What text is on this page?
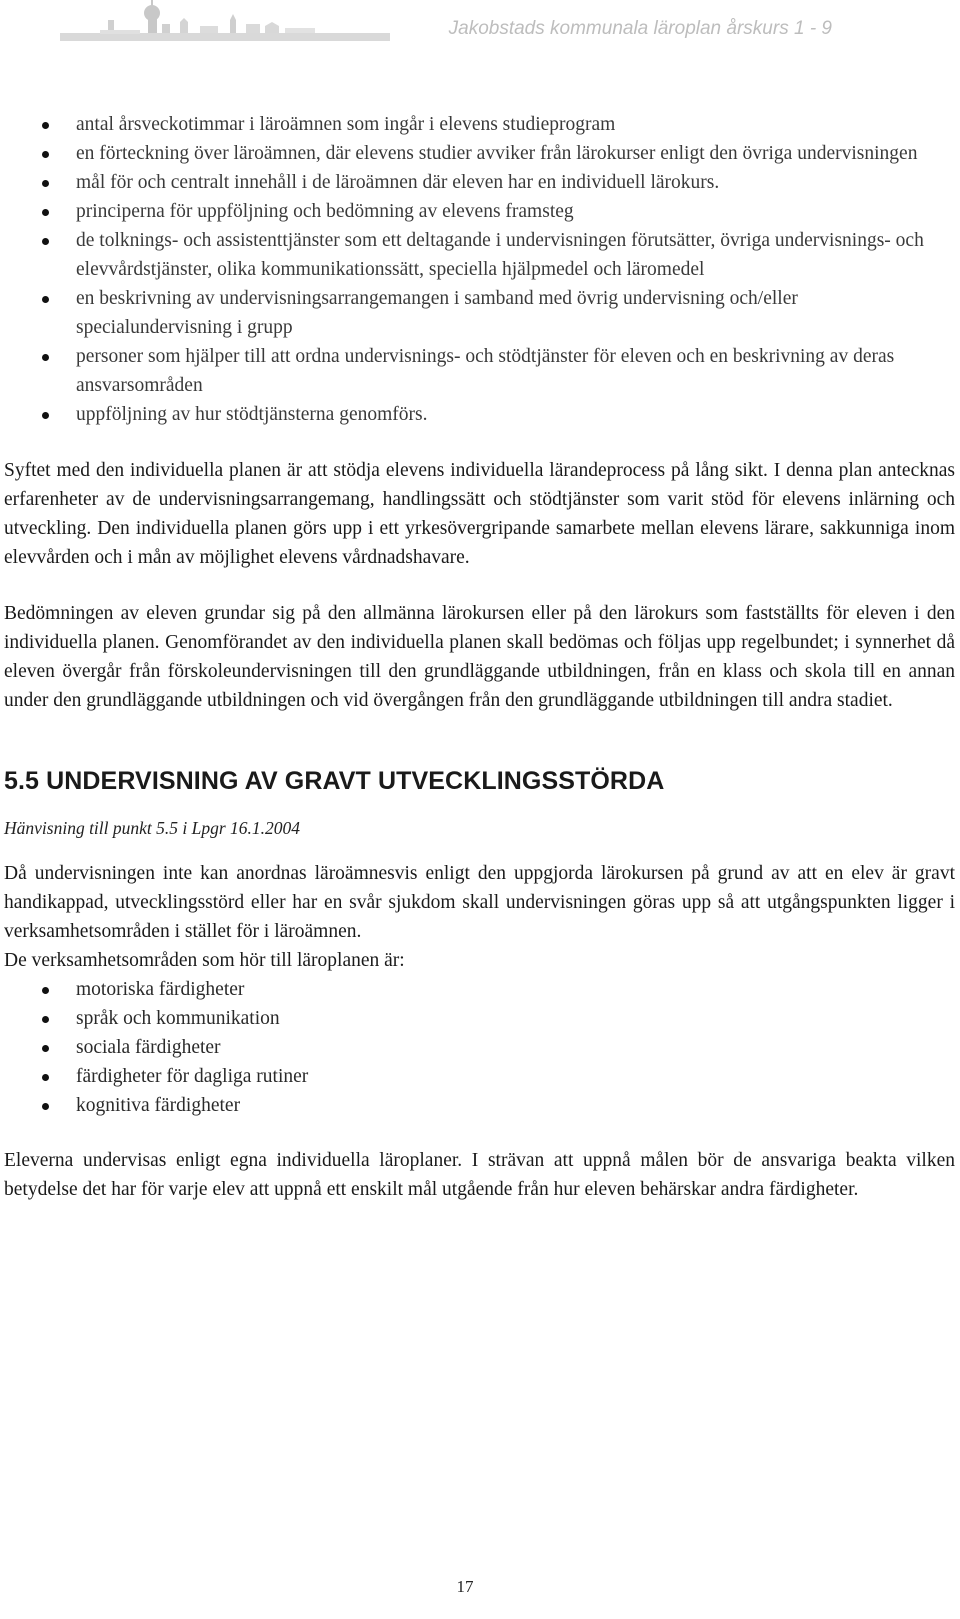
Jakobstads kommunala läroplan årskurs 1 - 9
antal årsveckotimmar i läroämnen som ingår i elevens studieprogram
en förteckning över läroämnen, där elevens studier avviker från lärokurser enligt den övriga undervisningen
mål för och centralt innehåll i de läroämnen där eleven har en individuell lärokurs.
principerna för uppföljning och bedömning av elevens framsteg
de tolknings- och assistenttjänster som ett deltagande i undervisningen förutsätter, övriga undervisnings- och elevvårdstjänster, olika kommunikationssätt, speciella hjälpmedel och läromedel
en beskrivning av undervisningsarrangemangen i samband med övrig undervisning och/eller specialundervisning i grupp
personer som hjälper till att ordna undervisnings- och stödtjänster för eleven och en beskrivning av deras ansvarsområden
uppföljning av hur stödtjänsterna genomförs.

Syftet med den individuella planen är att stödja elevens individuella lärandeprocess på lång sikt. I denna plan antecknas erfarenheter av de undervisningsarrangemang, handlingssätt och stödtjänster som varit stöd för elevens inlärning och utveckling. Den individuella planen görs upp i ett yrkesövergripande samarbete mellan elevens lärare, sakkunniga inom elevvården och i mån av möjlighet elevens vårdnadshavare.

Bedömningen av eleven grundar sig på den allmänna lärokursen eller på den lärokurs som fastställts för eleven i den individuella planen. Genomförandet av den individuella planen skall bedömas och följas upp regelbundet; i synnerhet då eleven övergår från förskoleundervisningen till den grundläggande utbildningen, från en klass och skola till en annan under den grundläggande utbildningen och vid övergången från den grundläggande utbildningen till andra stadiet.

5.5 UNDERVISNING AV GRAVT UTVECKLINGSSTÖRDA

Hänvisning till punkt 5.5 i Lpgr 16.1.2004

Då undervisningen inte kan anordnas läroämnesvis enligt den uppgjorda lärokursen på grund av att en elev är gravt handikappad, utvecklingsstörd eller har en svår sjukdom skall undervisningen göras upp så att utgångspunkten ligger i verksamhetsområden i stället för i läroämnen.

De verksamhetsområden som hör till läroplanen är:

motoriska färdigheter
språk och kommunikation
sociala färdigheter
färdigheter för dagliga rutiner
kognitiva färdigheter

Eleverna undervisas enligt egna individuella läroplaner. I strävan att uppnå målen bör de ansvariga beakta vilken betydelse det har för varje elev att uppnå ett enskilt mål utgående från hur eleven behärskar andra färdigheter.

17
